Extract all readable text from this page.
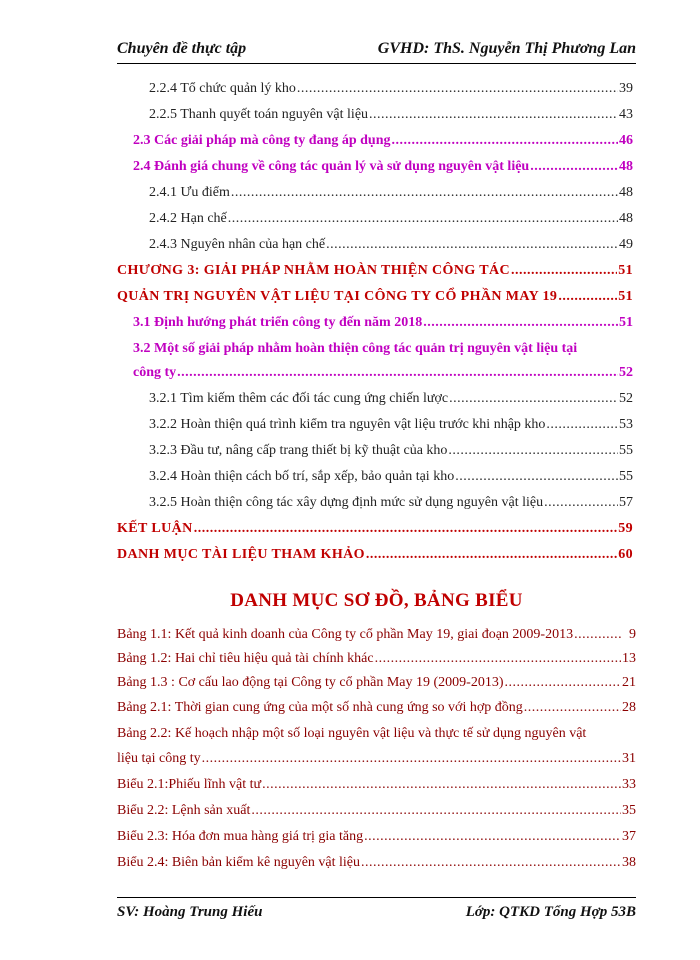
Chuyên đề thực tập	GVHD: ThS. Nguyễn Thị Phương Lan
2.2.4 Tổ chức quản lý kho .....	39
2.2.5 Thanh quyết toán nguyên vật liệu .....	43
2.3 Các giải pháp mà công ty đang áp dụng .....	46
2.4 Đánh giá chung về công tác quản lý và sử dụng nguyên vật liệu .....	48
2.4.1 Ưu điểm .....	48
2.4.2 Hạn chế .....	48
2.4.3 Nguyên nhân của hạn chế .....	49
CHƯƠNG 3: GIẢI PHÁP NHẰM HOÀN THIỆN CÔNG TÁC .....	51
QUẢN TRỊ NGUYÊN VẬT LIỆU TẠI CÔNG TY CỔ PHẦN MAY 19 .....	51
3.1 Định hướng phát triển công ty đến năm 2018 .....	51
3.2 Một số giải pháp nhằm hoàn thiện công tác quản trị nguyên vật liệu tại
công ty .....	52
3.2.1 Tìm kiếm thêm các đối tác cung ứng chiến lược .....	52
3.2.2 Hoàn thiện quá trình kiểm tra nguyên vật liệu trước khi nhập kho .....	53
3.2.3 Đầu tư, nâng cấp trang thiết bị kỹ thuật của kho .....	55
3.2.4 Hoàn thiện cách bố trí, sắp xếp, bảo quản tại kho .....	55
3.2.5 Hoàn thiện công tác xây dựng định mức sử dụng nguyên vật liệu .....	57
KẾT LUẬN .....	59
DANH MỤC TÀI LIỆU THAM KHẢO .....	60
DANH MỤC SƠ ĐỒ, BẢNG BIỂU
Bảng 1.1: Kết quả kinh doanh của Công ty cổ phần May 19, giai đoạn 2009-2013 .....	9
Bảng 1.2: Hai chỉ tiêu hiệu quả tài chính khác .....	13
Bảng 1.3 : Cơ cấu lao động tại Công ty cổ phần May 19 (2009-2013) .....	21
Bảng 2.1: Thời gian cung ứng của một số nhà cung ứng so với hợp đồng .....	28
Bảng 2.2: Kế hoạch nhập một số loại nguyên vật liệu và thực tế sử dụng nguyên vật
liệu tại công ty .....	31
Biểu 2.1:Phiếu lĩnh vật tư .....	33
Biểu 2.2: Lệnh sản xuất .....	35
Biểu 2.3: Hóa đơn mua hàng giá trị gia tăng .....	37
Biểu 2.4: Biên bản kiểm kê nguyên vật liệu .....	38
SV: Hoàng Trung Hiếu	Lớp: QTKD Tổng Hợp 53B
